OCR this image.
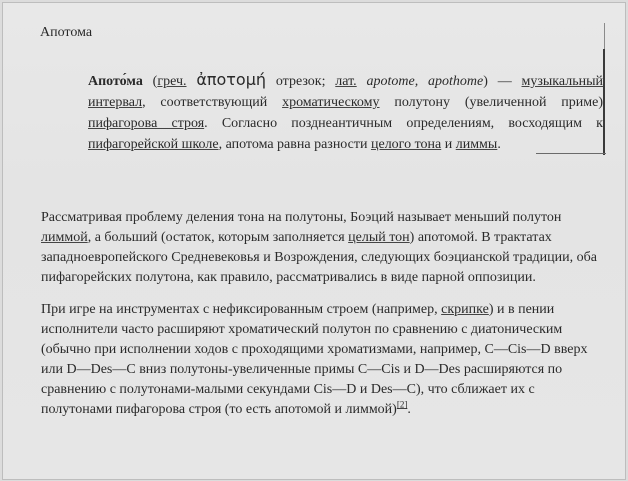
Апотома
Апото́ма (греч. ἀποτομή отрезок; лат. apotome, apothome) — музыкальный интервал, соответствующий хроматическому полутону (увеличенной приме) пифагорова строя. Согласно позднеантичным определениям, восходящим к пифагорейской школе, апотома равна разности целого тона и лиммы.
Рассматривая проблему деления тона на полутоны, Боэций называет меньший полутон лиммой, а больший (остаток, которым заполняется целый тон) апотомой. В трактатах западноевропейского Средневековья и Возрождения, следующих боэцианской традиции, оба пифагорейских полутона, как правило, рассматривались в виде парной оппозиции.
При игре на инструментах с нефиксированным строем (например, скрипке) и в пении исполнители часто расширяют хроматический полутон по сравнению с диатоническим (обычно при исполнении ходов с проходящими хроматизмами, например, C—Cis—D вверх или D—Des—C вниз полутоны-увеличенные примы C—Cis и D—Des расширяются по сравнению с полутонами-малыми секундами Cis—D и Des—C), что сближает их с полутонами пифагорова строя (то есть апотомой и лиммой)[2].
